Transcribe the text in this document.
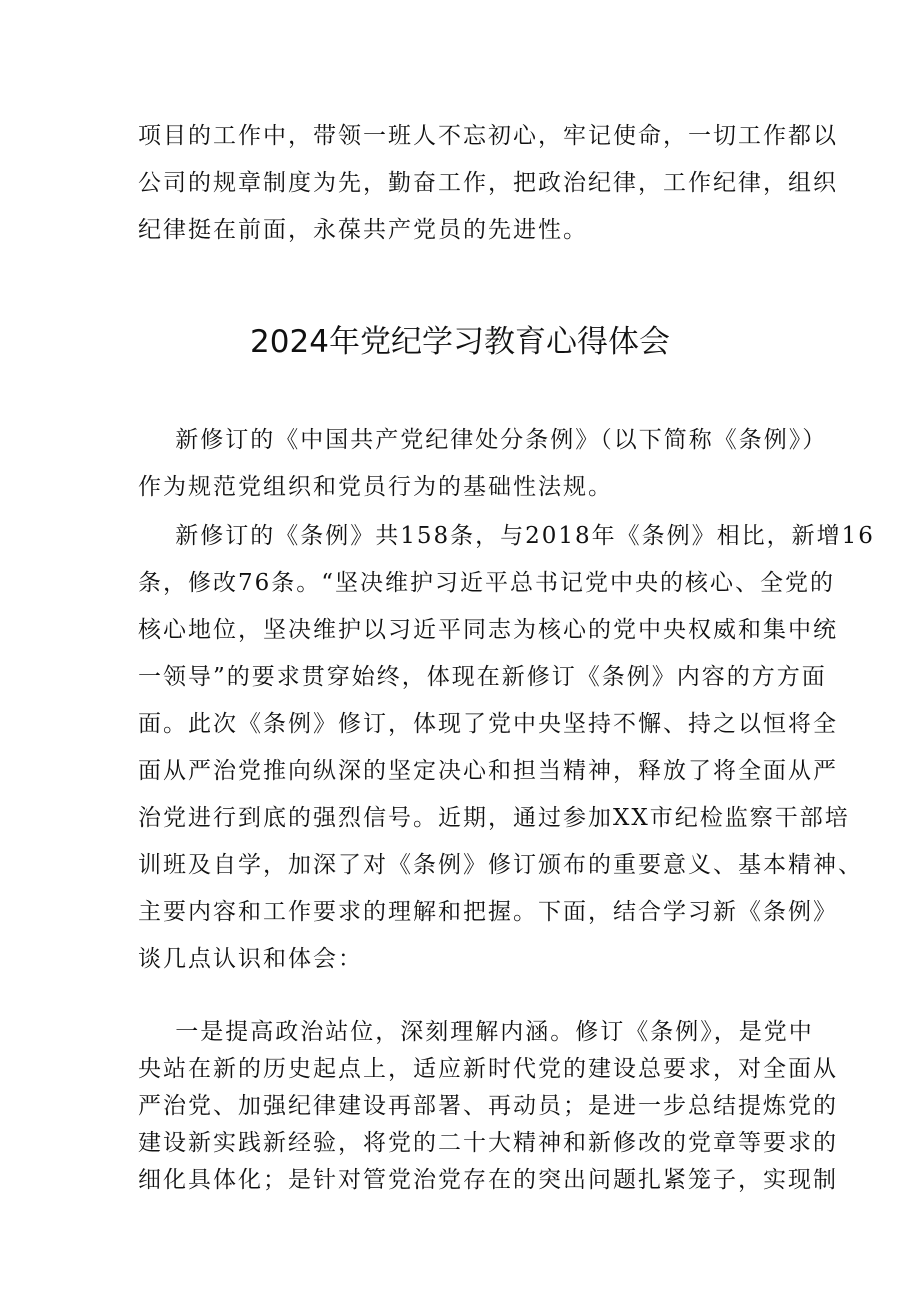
项目的工作中，带领一班人不忘初心，牢记使命，一切工作都以

公司的规章制度为先，勤奋工作，把政治纪律，工作纪律，组织

纪律挺在前面，永葆共产党员的先进性。

2024年党纪学习教育心得体会

新修订的《中国共产党纪律处分条例》（以下简称《条例》）

作为规范党组织和党员行为的基础性法规。

新修订的《条例》共158条，与2018年《条例》相比，新增16

条，修改76条。“坚决维护习近平总书记党中央的核心、全党的

核心地位，坚决维护以习近平同志为核心的党中央权威和集中统

一领导”的要求贯穿始终，体现在新修订《条例》内容的方方面

面。此次《条例》修订，体现了党中央坚持不懈、持之以恒将全

面从严治党推向纵深的坚定决心和担当精神，释放了将全面从严

治党进行到底的强烈信号。近期，通过参加XX市纪检监察干部培

训班及自学，加深了对《条例》修订颁布的重要意义、基本精神、

主要内容和工作要求的理解和把握。下面，结合学习新《条例》

谈几点认识和体会：

一是提高政治站位，深刻理解内涵。修订《条例》，是党中

央站在新的历史起点上，适应新时代党的建设总要求，对全面从

严治党、加强纪律建设再部署、再动员；是进一步总结提炼党的

建设新实践新经验，将党的二十大精神和新修改的党章等要求的

细化具体化；是针对管党治党存在的突出问题扎紧笼子，实现制
